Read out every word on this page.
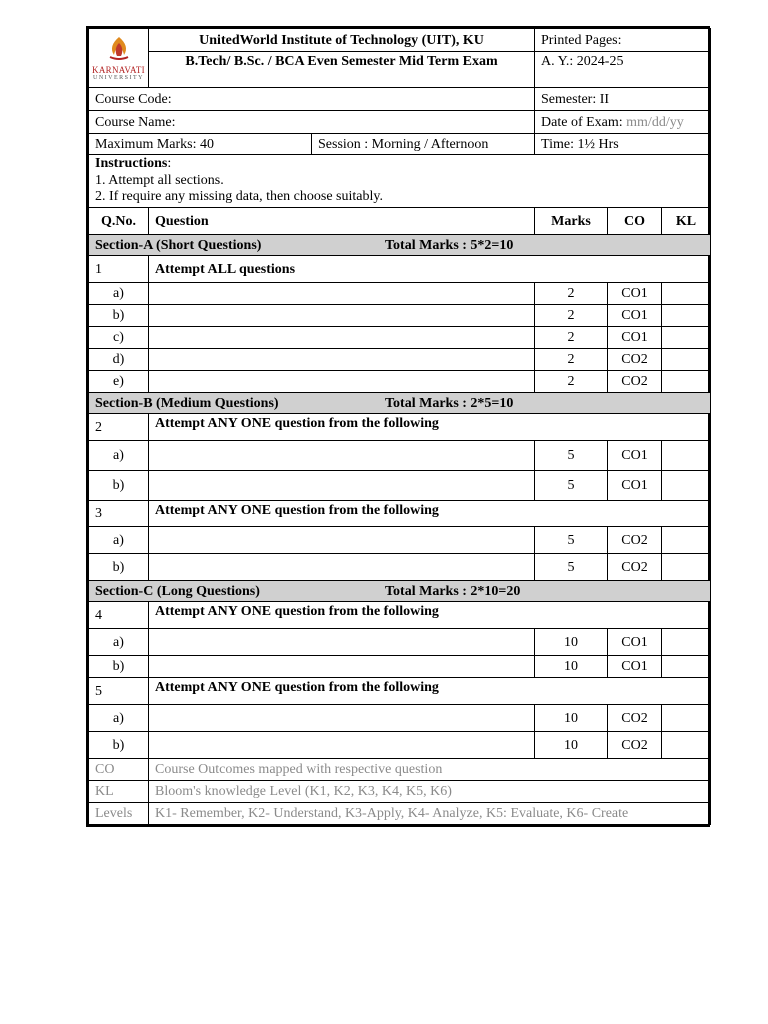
KARNAVATI
UNIVERSITY	UnitedWorld Institute of Technology (UIT), KU		Printed Pages:		
	B.Tech/ B.Sc. / BCA Even Semester Mid Term Exam		A. Y.: 2024-25		
Course Code:			Semester: II		
Course Name:			Date of Exam: mm/dd/yy		
Maximum Marks: 40		Session : Morning / Afternoon	Time: 1½ Hrs		
Instructions:
1. Attempt all sections.
2. If require any missing data, then choose suitably.					
Q.No.	Question		Marks	CO	KL

Section-A (Short Questions) Total Marks : 5*2=10					

1	Attempt ALL questions				
a)			2	CO1	
b)			2	CO1	
c)			2	CO1	
d)			2	CO2	
e)			2	CO2	

Section-B (Medium Questions) Total Marks : 2*5=10					

2	Attempt ANY ONE question from the following				
a)			5	CO1	
b)			5	CO1	
3	Attempt ANY ONE question from the following				
a)			5	CO2	
b)			5	CO2	

Section-C (Long Questions) Total Marks : 2*10=20					

4	Attempt ANY ONE question from the following				
a)			10	CO1	
b)			10	CO1	
5	Attempt ANY ONE question from the following				
a)			10	CO2	
b)			10	CO2	
CO	Course Outcomes mapped with respective question				
KL	Bloom's knowledge Level (K1, K2, K3, K4, K5, K6)				
Levels	K1- Remember, K2- Understand, K3-Apply, K4- Analyze, K5: Evaluate, K6- Create				
